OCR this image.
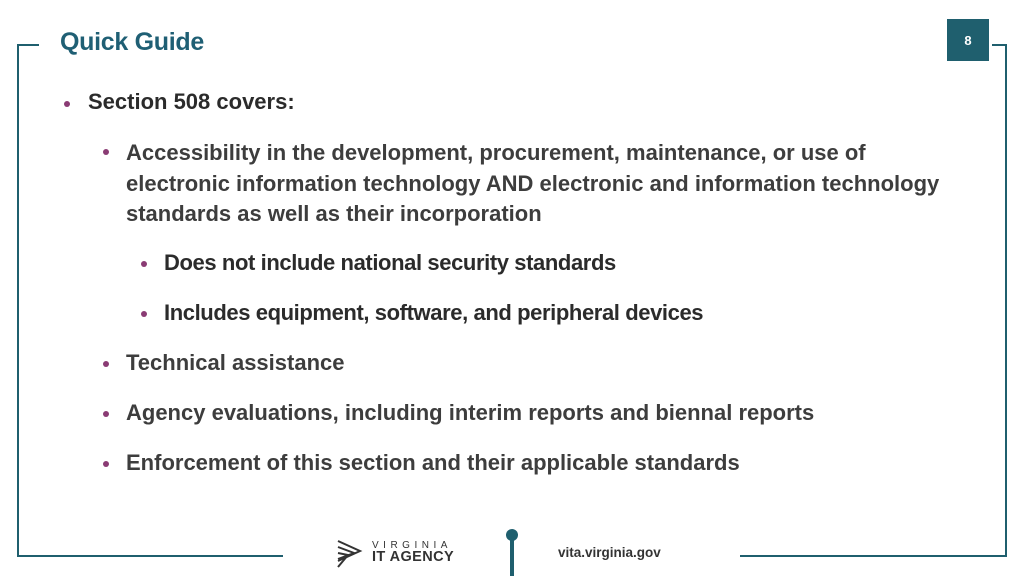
Quick Guide	8
Section 508 covers:
Accessibility in the development, procurement, maintenance, or use of electronic information technology AND electronic and information technology standards as well as their incorporation
Does not include national security standards
Includes equipment, software, and peripheral devices
Technical assistance
Agency evaluations, including interim reports and biennal reports
Enforcement of this section and their applicable standards
VIRGINIA
IT AGENCY	vita.virginia.gov
